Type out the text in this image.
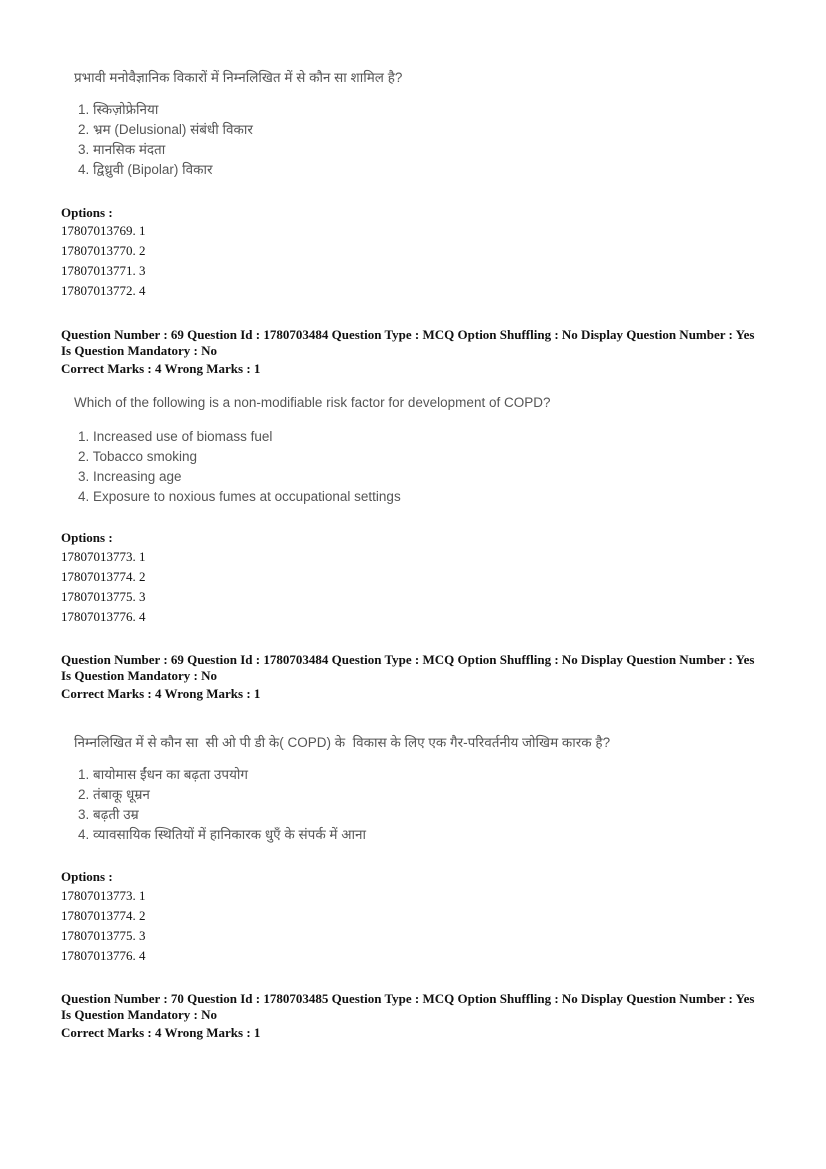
प्रभावी मनोवैज्ञानिक विकारों में निम्नलिखित में से कौन सा शामिल है?
1. स्किज़ोफ्रेनिया
2. भ्रम (Delusional) संबंधी विकार
3. मानसिक मंदता
4. द्विध्रुवी (Bipolar) विकार
Options :
17807013769. 1
17807013770. 2
17807013771. 3
17807013772. 4
Question Number : 69 Question Id : 1780703484 Question Type : MCQ Option Shuffling : No Display Question Number : Yes
Is Question Mandatory : No
Correct Marks : 4 Wrong Marks : 1
Which of the following is a non-modifiable risk factor for development of COPD?
1. Increased use of biomass fuel
2. Tobacco smoking
3. Increasing age
4. Exposure to noxious fumes at occupational settings
Options :
17807013773. 1
17807013774. 2
17807013775. 3
17807013776. 4
Question Number : 69 Question Id : 1780703484 Question Type : MCQ Option Shuffling : No Display Question Number : Yes
Is Question Mandatory : No
Correct Marks : 4 Wrong Marks : 1
निम्नलिखित में से कौन सा  सी ओ पी डी के( COPD) के  विकास के लिए एक गैर-परिवर्तनीय जोखिम कारक है?
1. बायोमास ईंधन का बढ़ता उपयोग
2. तंबाकू धूम्रन
3. बढ़ती उम्र
4. व्यावसायिक स्थितियों में हानिकारक धुएँ के संपर्क में आना
Options :
17807013773. 1
17807013774. 2
17807013775. 3
17807013776. 4
Question Number : 70 Question Id : 1780703485 Question Type : MCQ Option Shuffling : No Display Question Number : Yes
Is Question Mandatory : No
Correct Marks : 4 Wrong Marks : 1
